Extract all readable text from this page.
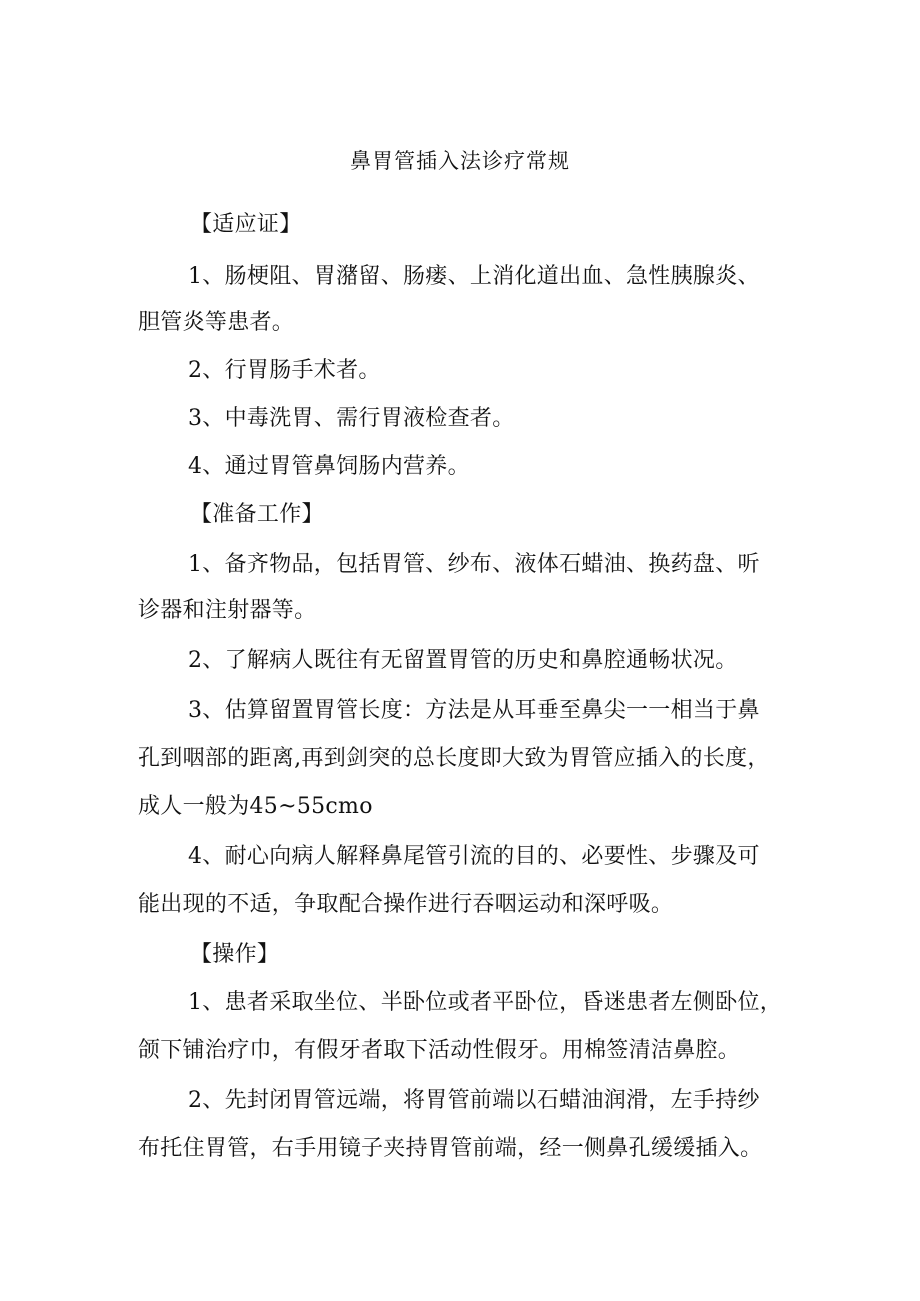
鼻胃管插入法诊疗常规
【适应证】
1、肠梗阻、胃潴留、肠瘘、上消化道出血、急性胰腺炎、
胆管炎等患者。
2、行胃肠手术者。
3、中毒洗胃、需行胃液检查者。
4、通过胃管鼻饲肠内营养。
【准备工作】
1、备齐物品，包括胃管、纱布、液体石蜡油、换药盘、听
诊器和注射器等。
2、了解病人既往有无留置胃管的历史和鼻腔通畅状况。
3、估算留置胃管长度：方法是从耳垂至鼻尖一一相当于鼻
孔到咽部的距离,再到剑突的总长度即大致为胃管应插入的长度，
成人一般为45~55cmo
4、耐心向病人解释鼻尾管引流的目的、必要性、步骤及可
能出现的不适，争取配合操作进行吞咽运动和深呼吸。
【操作】
1、患者采取坐位、半卧位或者平卧位，昏迷患者左侧卧位，
颌下铺治疗巾，有假牙者取下活动性假牙。用棉签清洁鼻腔。
2、先封闭胃管远端，将胃管前端以石蜡油润滑，左手持纱
布托住胃管，右手用镜子夹持胃管前端，经一侧鼻孔缓缓插入。
